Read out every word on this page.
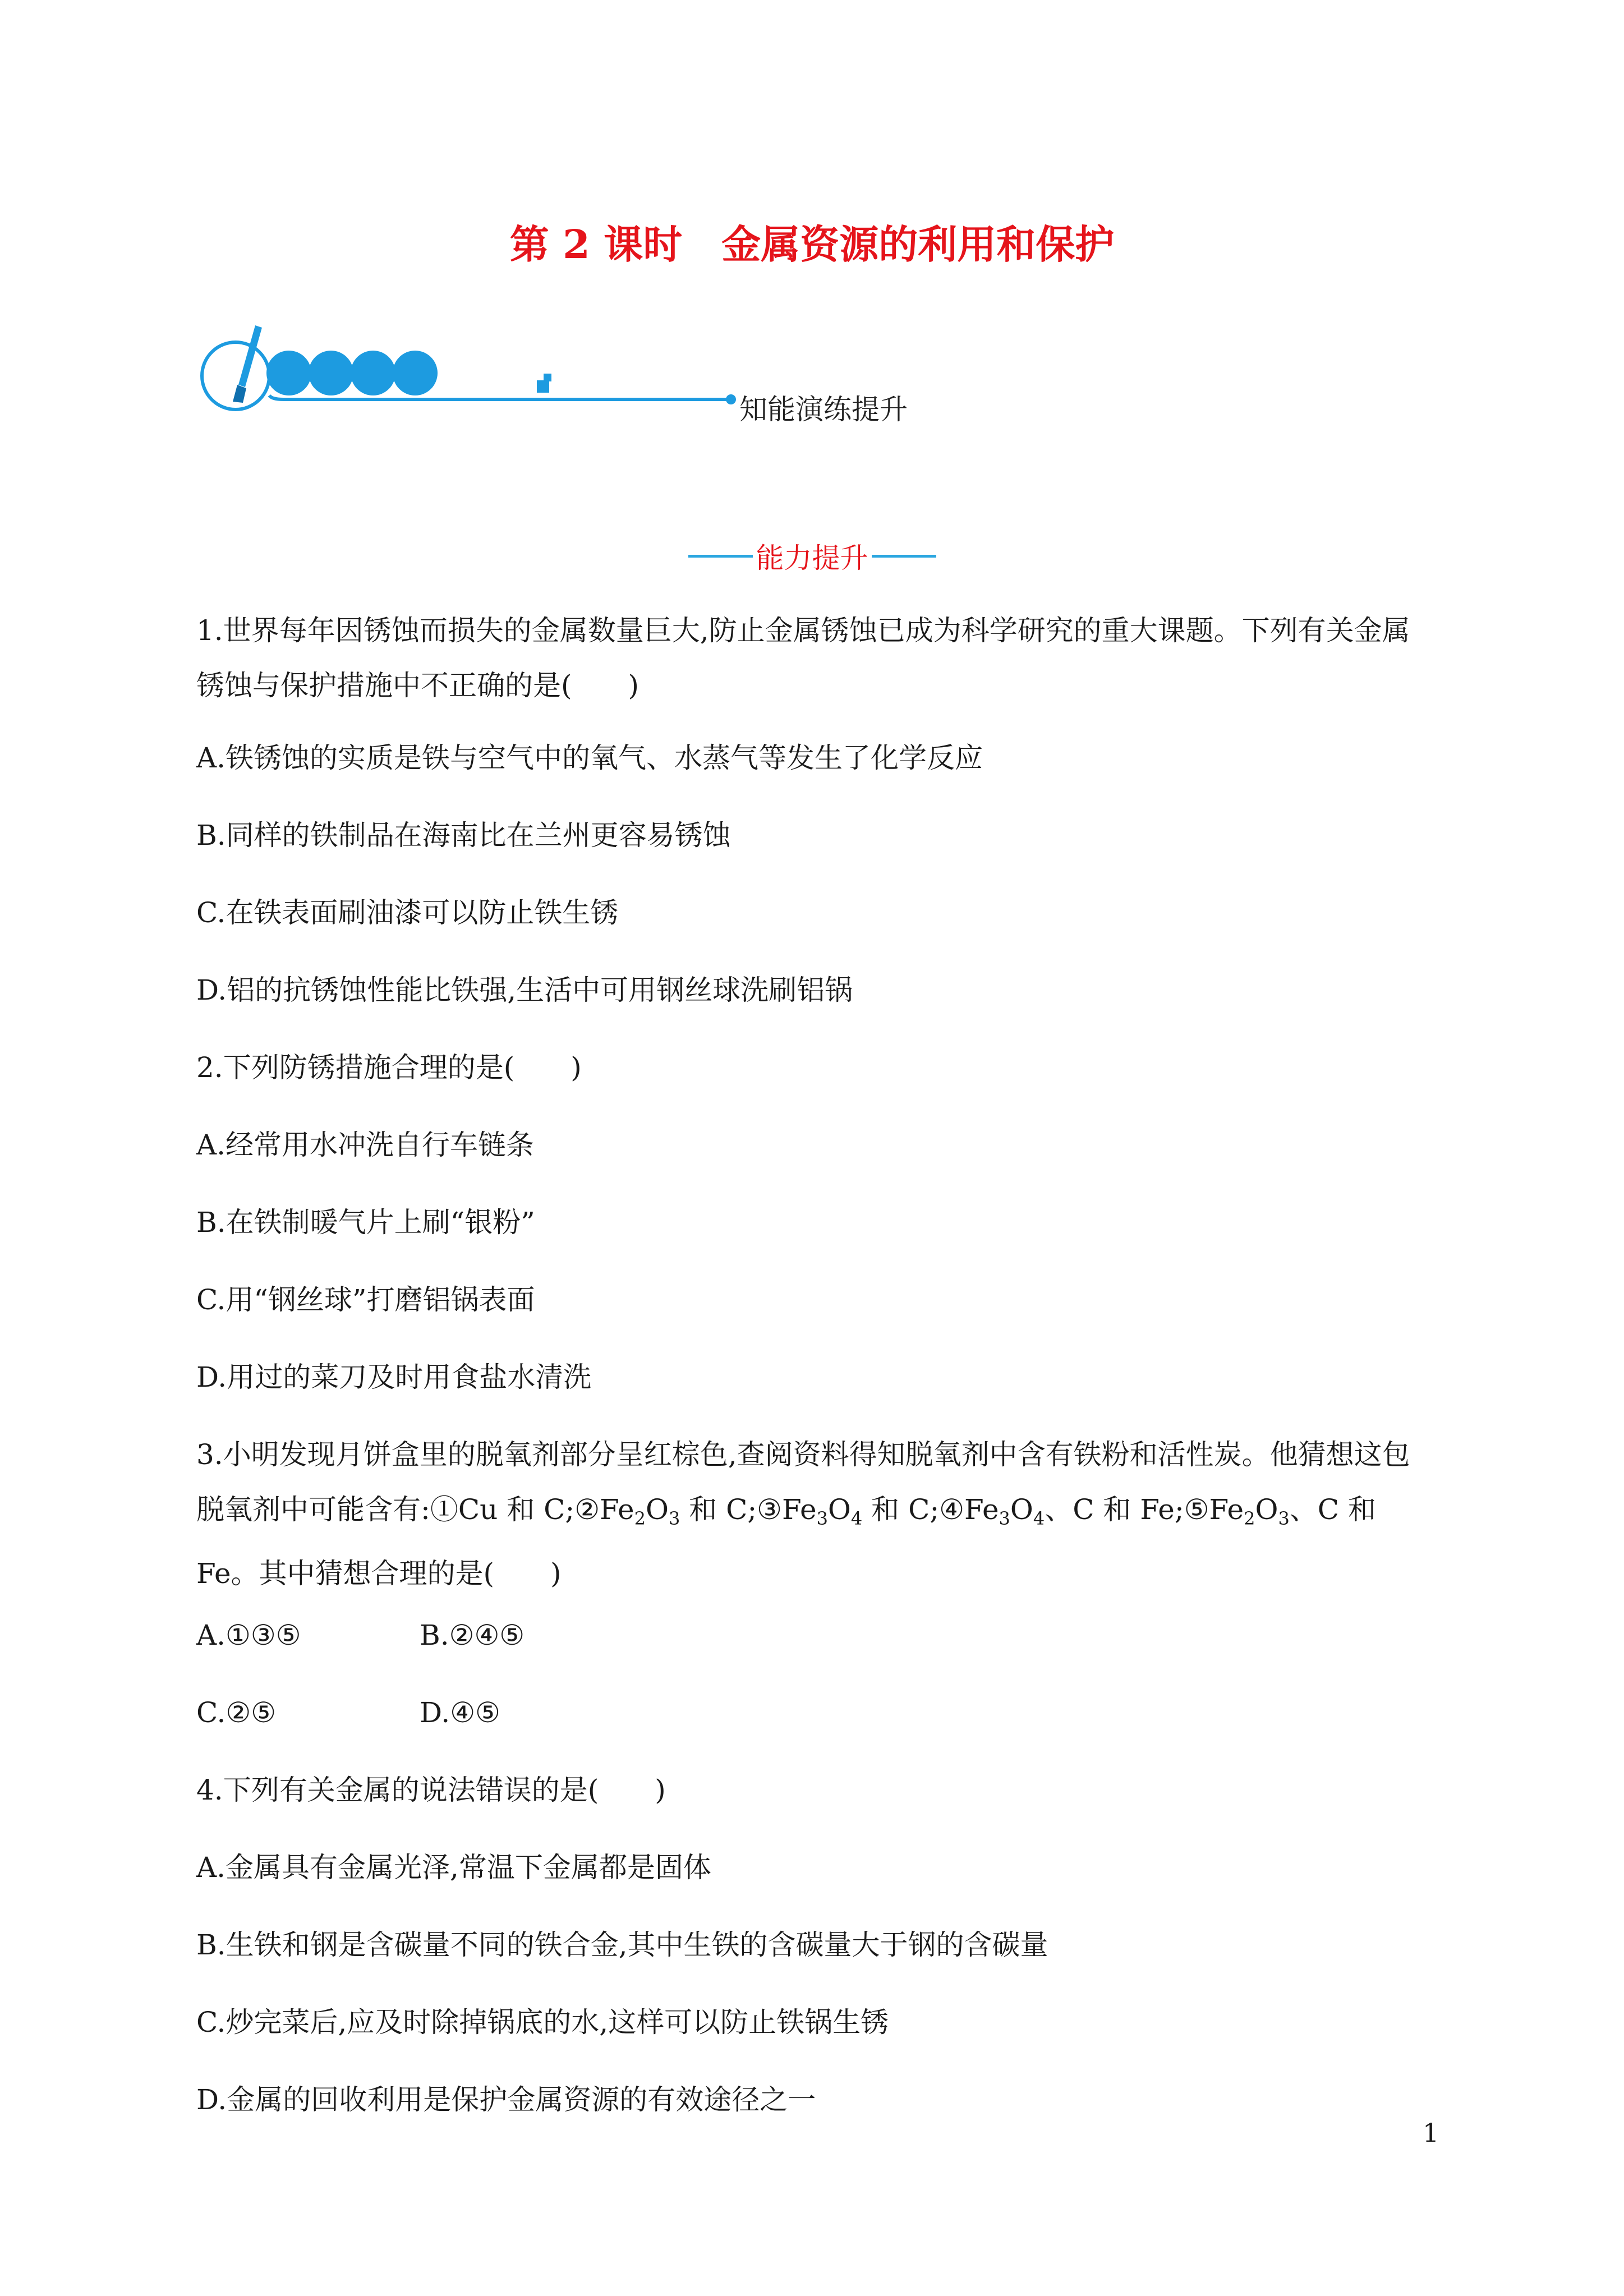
第 2 课时　金属资源的利用和保护
知能演练提升
能力提升
1.世界每年因锈蚀而损失的金属数量巨大,防止金属锈蚀已成为科学研究的重大课题。下列有关金属锈蚀与保护措施中不正确的是(　　)
A.铁锈蚀的实质是铁与空气中的氧气、水蒸气等发生了化学反应
B.同样的铁制品在海南比在兰州更容易锈蚀
C.在铁表面刷油漆可以防止铁生锈
D.铝的抗锈蚀性能比铁强,生活中可用钢丝球洗刷铝锅
2.下列防锈措施合理的是(　　)
A.经常用水冲洗自行车链条
B.在铁制暖气片上刷“银粉”
C.用“钢丝球”打磨铝锅表面
D.用过的菜刀及时用食盐水清洗
3.小明发现月饼盒里的脱氧剂部分呈红棕色,查阅资料得知脱氧剂中含有铁粉和活性炭。他猜想这包脱氧剂中可能含有:①Cu 和 $C;②Fe_2O_3$ 和 $C;③Fe_3O_4$ 和 $C;④Fe_3O_4$、C 和 $Fe;⑤Fe_2O_3$、C 和 Fe。其中猜想合理的是(　　)
A.①③⑤	B.②④⑤
C.②⑤	D.④⑤
4.下列有关金属的说法错误的是(　　)
A.金属具有金属光泽,常温下金属都是固体
B.生铁和钢是含碳量不同的铁合金,其中生铁的含碳量大于钢的含碳量
C.炒完菜后,应及时除掉锅底的水,这样可以防止铁锅生锈
D.金属的回收利用是保护金属资源的有效途径之一
1
